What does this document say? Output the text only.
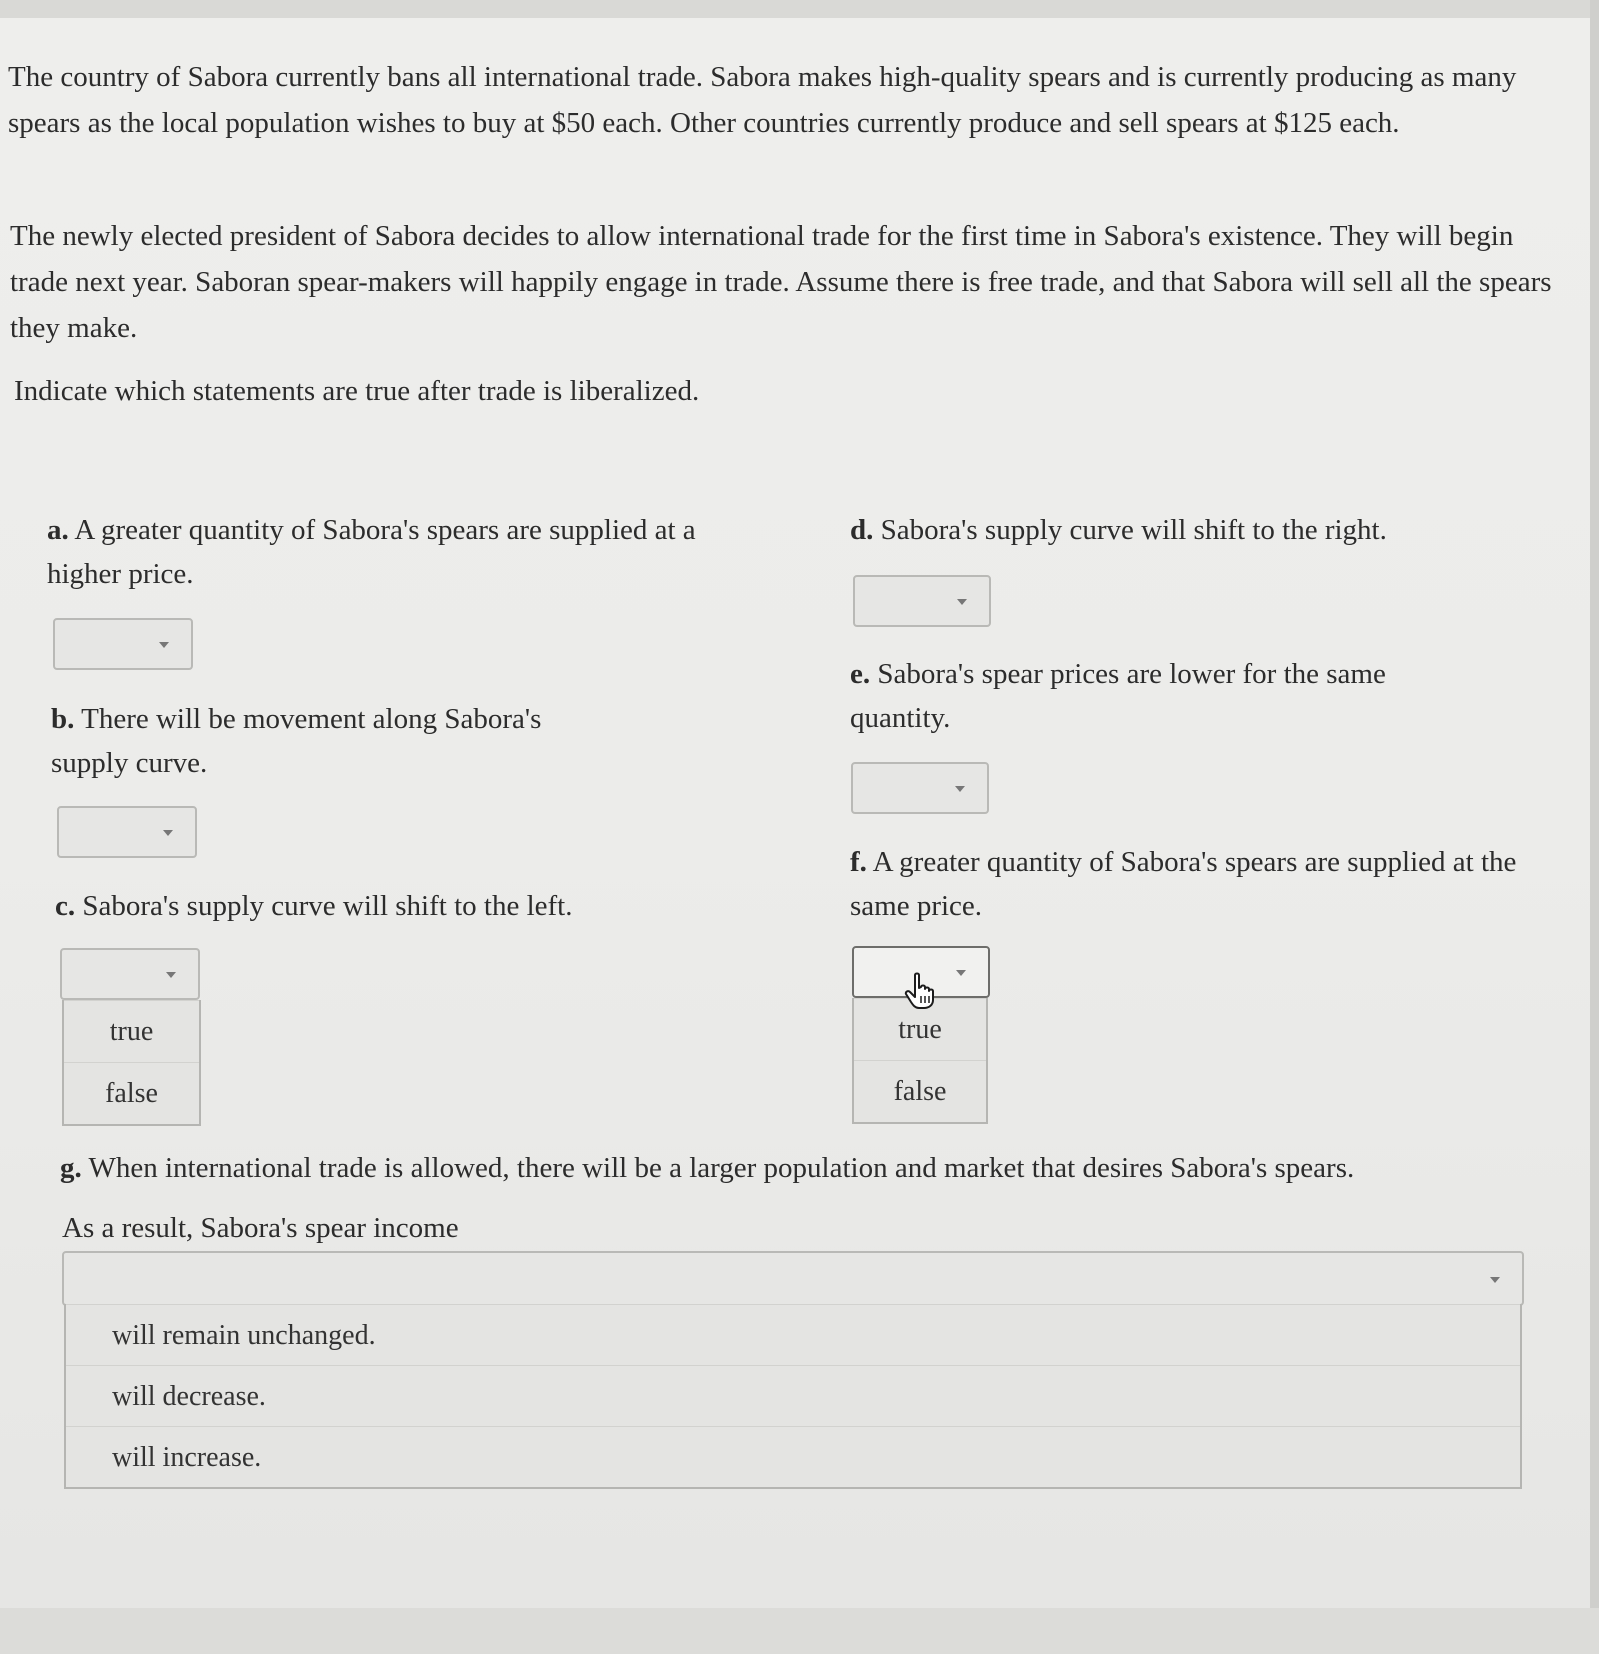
The country of Sabora currently bans all international trade. Sabora makes high-quality spears and is currently producing as many spears as the local population wishes to buy at $50 each. Other countries currently produce and sell spears at $125 each.

The newly elected president of Sabora decides to allow international trade for the first time in Sabora's existence. They will begin trade next year. Saboran spear-makers will happily engage in trade. Assume there is free trade, and that Sabora will sell all the spears they make.

Indicate which statements are true after trade is liberalized.

a. A greater quantity of Sabora's spears are supplied at a higher price.

b. There will be movement along Sabora's supply curve.

c. Sabora's supply curve will shift to the left.

true
false

d. Sabora's supply curve will shift to the right.

e. Sabora's spear prices are lower for the same quantity.

f. A greater quantity of Sabora's spears are supplied at the same price.

true
false

g. When international trade is allowed, there will be a larger population and market that desires Sabora's spears.

As a result, Sabora's spear income

will remain unchanged.
will decrease.
will increase.
